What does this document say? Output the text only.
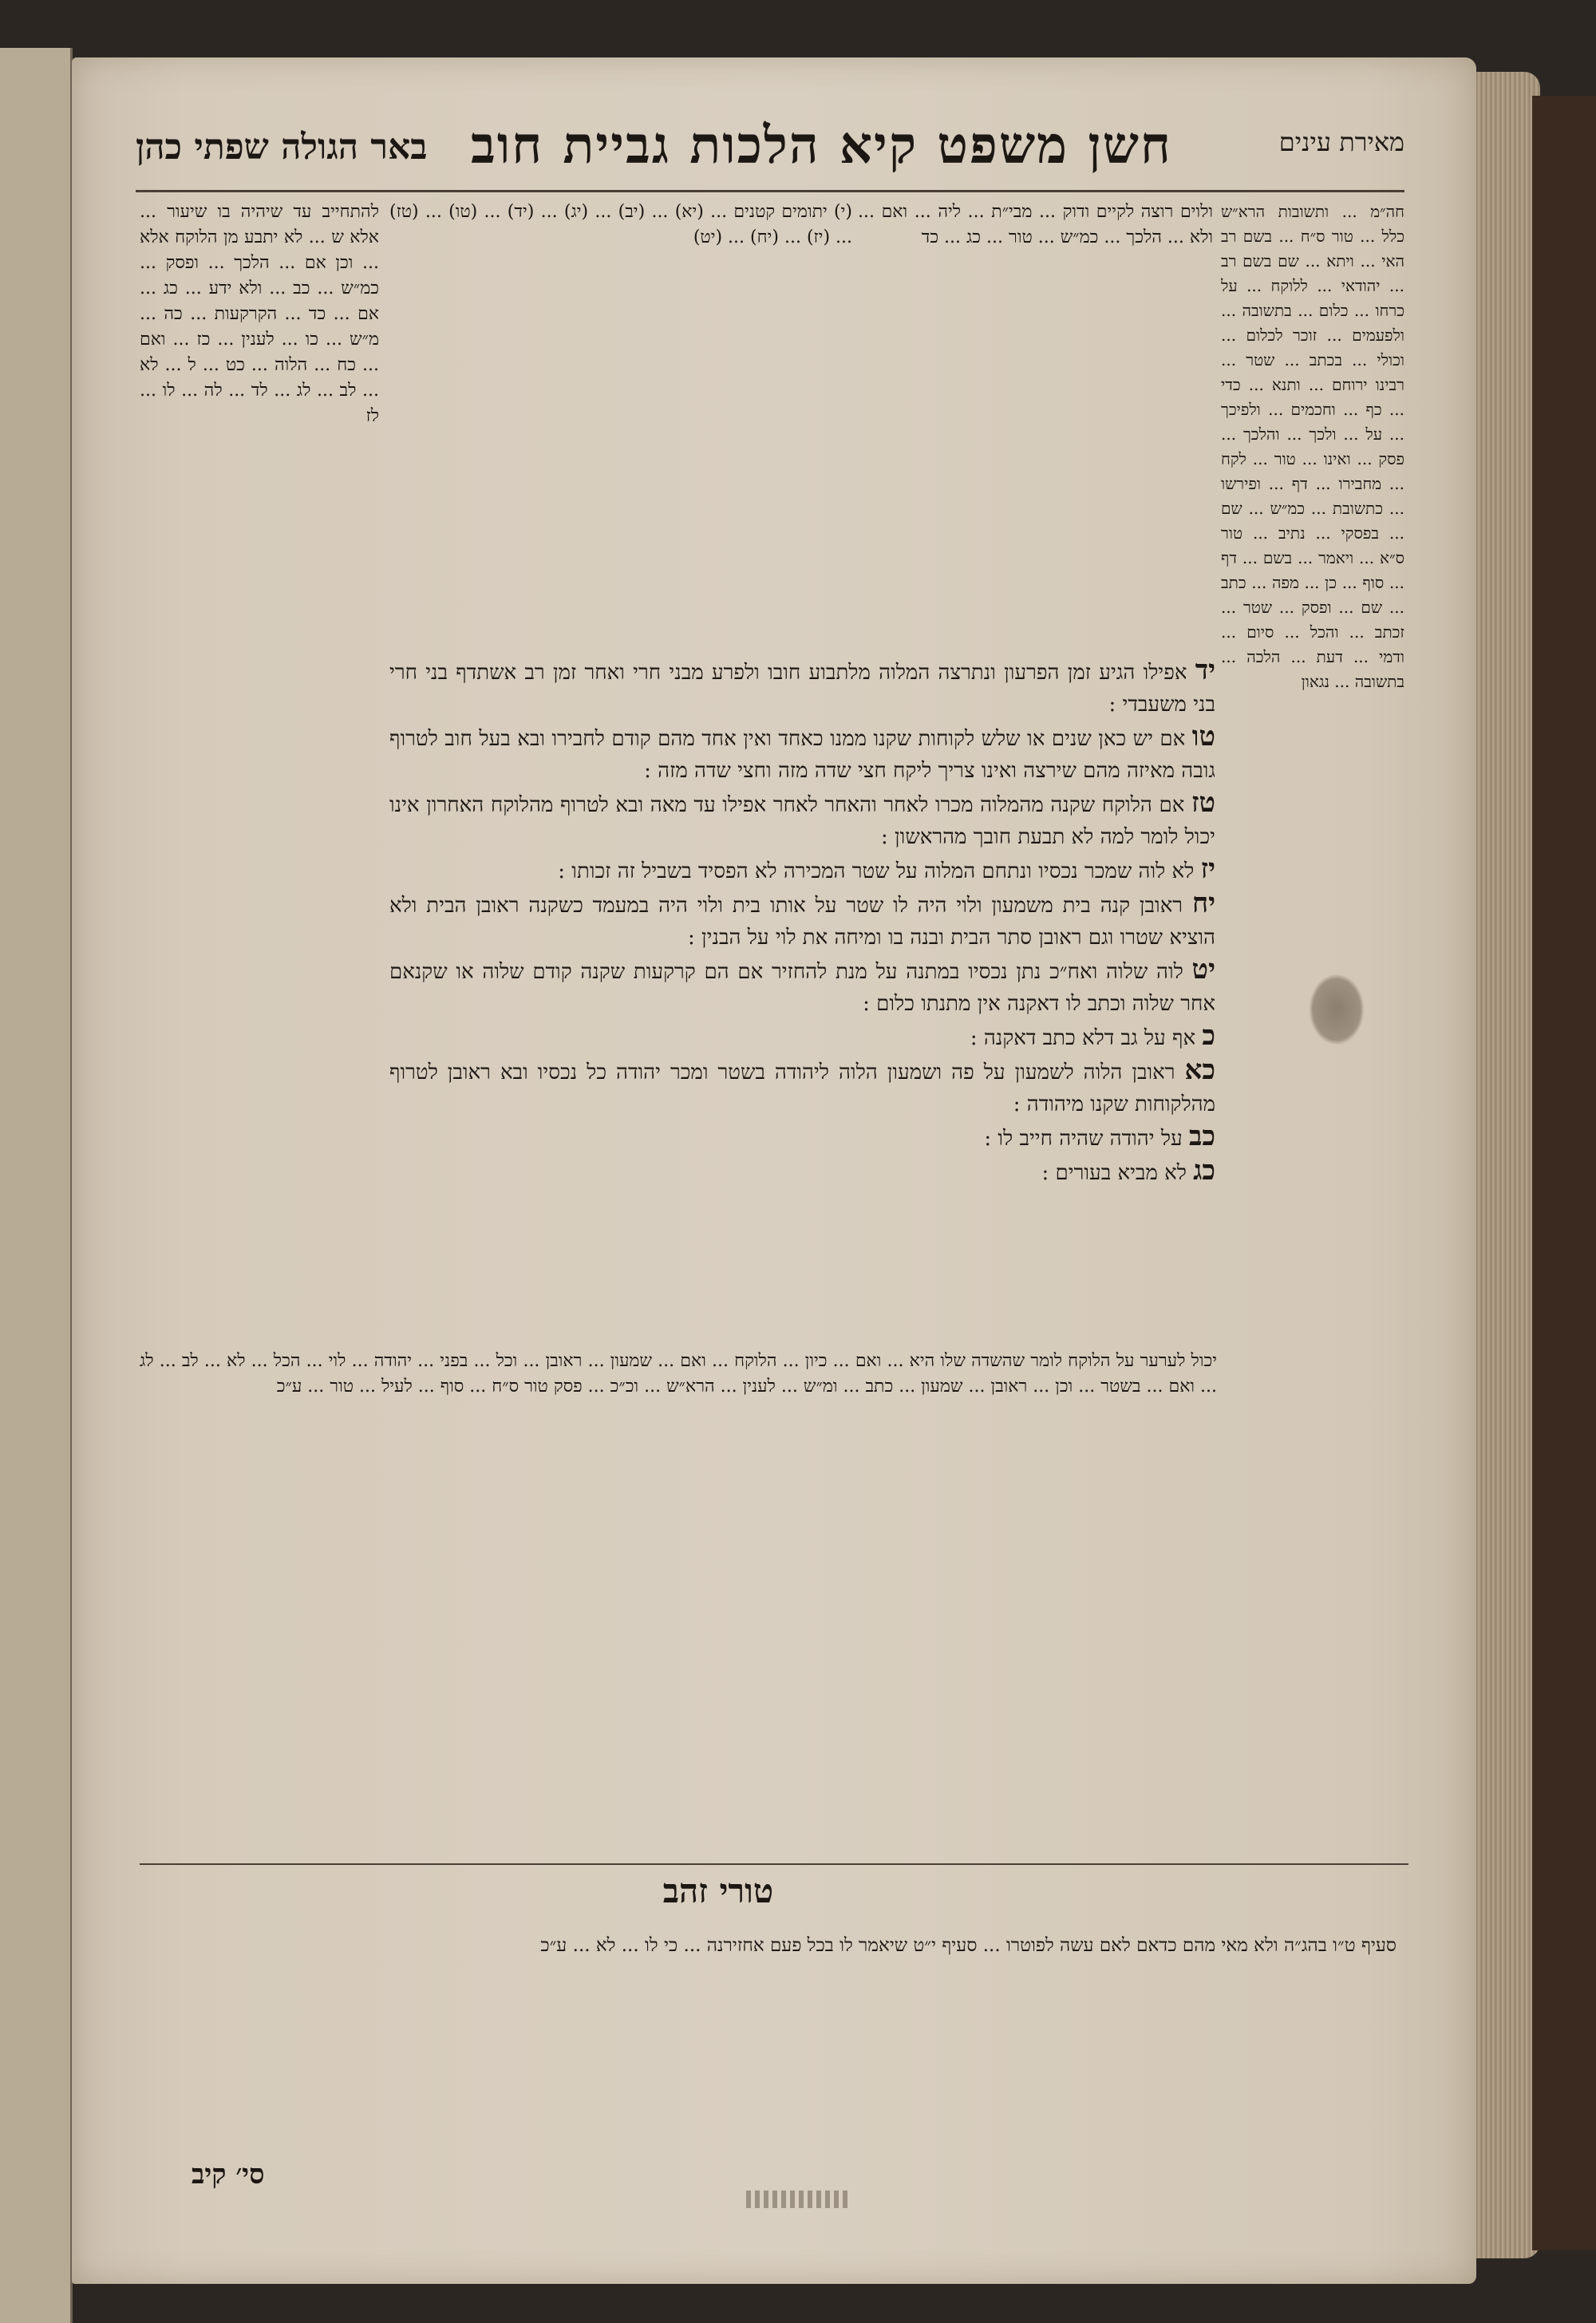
באר הגולה שפתי כהן חשן משפט קיא הלכות גביית חוב	מאירת עינים

חה״מ ... ותשובות הרא״ש כלל ... טור ס״ח ... בשם רב האי ... ויתא ... שם בשם רב ... יהודאי ... ללוקח ... על כרחו ... כלום ... בתשובה ... ולפעמים ... זוכר לכלום ... וכולי ... בכתב ... שטר ... רבינו ירוחם ... ותנא ... כדי ... כף ... וחכמים ... ולפיכך ... על ... ולכך ... והלכך ... פסק ... ואינו ... טור ... לקח ... מחבירו ... דף ... ופירשו ... כתשובת ... כמ״ש ... שם ... בפסקי ... נתיב ... טור ס״א ... ויאמר ... בשם ... דף ... סוף ... כן ... מפה ... כתב ... שם ... ופסק ... שטר ... זכתב ... והכל ... סיום ... ודמי ... דעת ... הלכה ... בתשובה ... נגאון

ולוים רוצה לקיים ודוק ... מבי״ת ... ליה ... ואם ... ולא ... הלכך ... כמ״ש ... טור ... כג ... כד

(י) יתומים קטנים ... (יא) ... (יב) ... (יג) ... (יד) ... (טו) ... (טז) ... (יז) ... (יח) ... (יט)

להתחייב עד שיהיה בו שיעור ... אלא ש ... לא יתבע מן הלוקח אלא ... וכן אם ... הלכך ... ופסק ... כמ״ש ... כב ... ולא ידע ... כג ... אם ... כד ... הקרקעות ... כה ... מ״ש ... כו ... לענין ... כז ... ואם ... כח ... הלוה ... כט ... ל ... לא ... לב ... לג ... לד ... לה ... לו ... לז

יד אפילו הגיע זמן הפרעון ונתרצה המלוה מלתבוע חובו ולפרע מבני חרי ואחר זמן רב אשתדף בני חרי בני משעבדי :

טו אם יש כאן שנים או שלש לקוחות שקנו ממנו כאחד ואין אחד מהם קודם לחבירו ובא בעל חוב לטרוף גובה מאיזה מהם שירצה ואינו צריך ליקח חצי שדה מזה וחצי שדה מזה :

טז אם הלוקח שקנה מהמלוה מכרו לאחר והאחר לאחר אפילו עד מאה ובא לטרוף מהלוקח האחרון אינו יכול לומר למה לא תבעת חובך מהראשון :

יז לא לוה שמכר נכסיו ונתחם המלוה על שטר המכירה לא הפסיד בשביל זה זכותו :

יח ראובן קנה בית משמעון ולוי היה לו שטר על אותו בית ולוי היה במעמד כשקנה ראובן הבית ולא הוציא שטרו וגם ראובן סתר הבית ובנה בו ומיחה את לוי על הבנין :

יט לוה שלוה ואח״כ נתן נכסיו במתנה על מנת להחזיר אם הם קרקעות שקנה קודם שלוה או שקנאם אחר שלוה וכתב לו דאקנה אין מתנתו כלום :

כ אף על גב דלא כתב דאקנה :

כא ראובן הלוה לשמעון על פה ושמעון הלוה ליהודה בשטר ומכר יהודה כל נכסיו ובא ראובן לטרוף מהלקוחות שקנו מיהודה :

כב על יהודה שהיה חייב לו :

כג לא מביא בעורים :

יכול לערער על הלוקח לומר שהשדה שלו היא ... ואם ... כיון ... הלוקח ... ואם ... שמעון ... ראובן ... וכל ... בפני ... יהודה ... לוי ... הכל ... לא ... לב ... לג ... ואם ... בשטר ... וכן ... ראובן ... שמעון ... כתב ... ומ״ש ... לענין ... הרא״ש ... וכ״כ ... פסק טור ס״ח ... סוף ... לעיל ... טור ... ע״כ

טורי זהב
סעיף ט״ו בהג״ה ולא מאי מהם כדאם לאם עשה לפוטרו ... סעיף י״ט שיאמר לו בכל פעם אחזירנה ... כי לו ... לא ... ע״כ
סי׳ קיב
